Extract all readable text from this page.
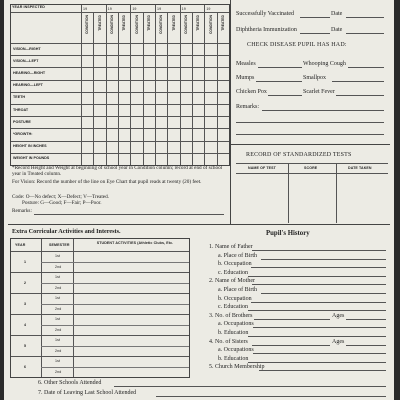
19	19	19	19	19	19
CONDITION TREATED CONDITION TREATED CONDITION TREATED CONDITION TREATED CONDITION TREATED CONDITION TREATED
VISION—RIGHT
VISION—LEFT
HEARING—RIGHT
HEARING—LEFT
TEETH
THROAT
POSTURE
*GROWTH:
HEIGHT IN INCHES
WEIGHT IN POUNDS
YEAR INSPECTED
*Record Height and Weight at beginning of school year in Condition column; record at end of school year in Treated column.
For Vision: Record the number of the line on Eye Chart that pupil reads at twenty (20) feet.
Code: O—No defect; X—Defect; V—Treated.
Posture: G—Good; F—Fair; P—Poor.
Remarks:
Successfully Vaccinated	Date
Diphtheria Immunization	Date
CHECK DISEASE PUPIL HAS HAD:
Measles	Whooping Cough
Mumps	Smallpox
Chicken Pox	Scarlet Fever
Remarks:
RECORD OF STANDARDIZED TESTS
NAME OF TEST	SCORE	DATE TAKEN
Extra Corricular Activities and Interests.
YEAR	SEMESTER
STUDENT ACTIVITIES (Athletic Clubs, Etc.
1
1st
2nd
2
1st
2nd
3
1st
2nd
4
1st
2nd
5
1st
2nd
6
1st
2nd
Pupil's History
1. Name of Father
a. Place of Birth
b. Occupation
c. Education
2. Name of Mother
a. Place of Birth
b. Occupation
c. Education
3. No. of Brothers	Ages
a. Occupations
b. Education
4. No. of Sisters	Ages
a. Occupations
b. Education
5. Church Membership
6. Other Schools Attended
7. Date of Leaving Last School Attended
